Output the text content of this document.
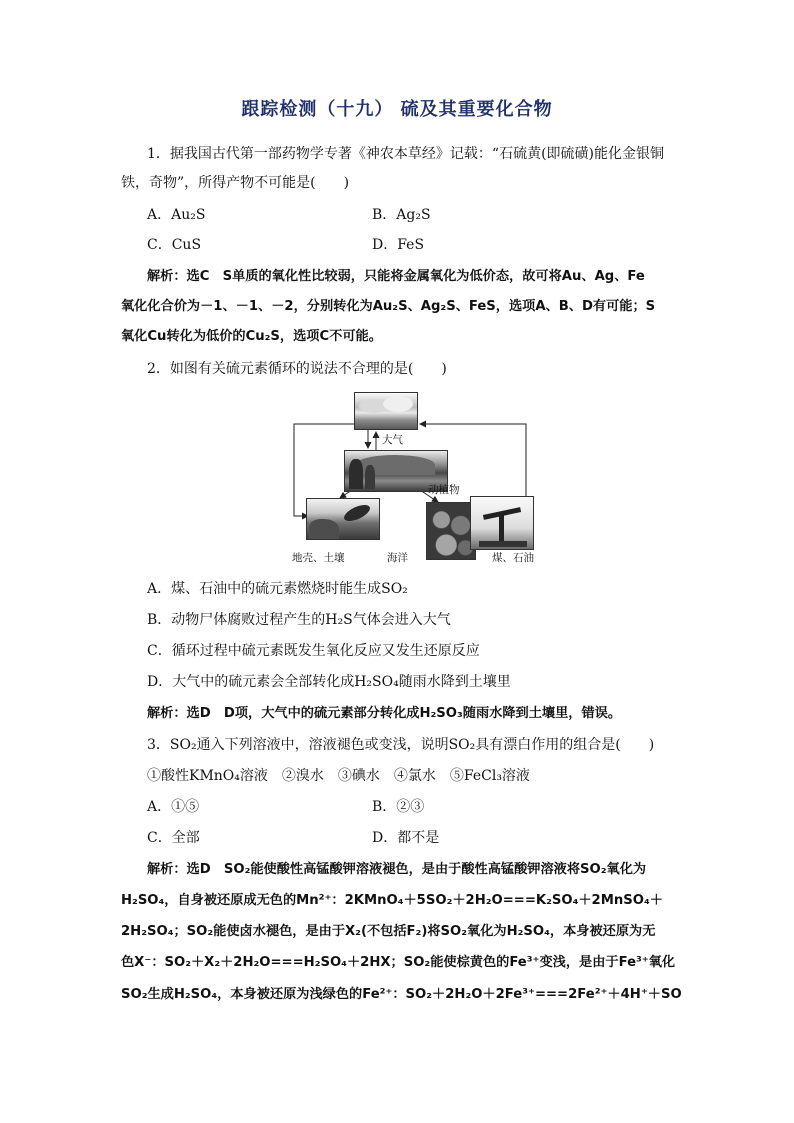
跟踪检测（十九） 硫及其重要化合物
1．据我国古代第一部药物学专著《神农本草经》记载：“石硫黄(即硫磺)能化金银铜
铁，奇物”，所得产物不可能是(　　)
A．Au₂S	B．Ag₂S
C．CuS	D．FeS
解析：选C　S单质的氧化性比较弱，只能将金属氧化为低价态，故可将Au、Ag、Fe
氧化化合价为－1、－1、－2，分别转化为Au₂S、Ag₂S、FeS，选项A、B、D有可能；S
氧化Cu转化为低价的Cu₂S，选项C不可能。
2．如图有关硫元素循环的说法不合理的是(　　)
大气
动植物
地壳、土壤	海洋	煤、石油
A．煤、石油中的硫元素燃烧时能生成SO₂
B．动物尸体腐败过程产生的H₂S气体会进入大气
C．循环过程中硫元素既发生氧化反应又发生还原反应
D．大气中的硫元素会全部转化成H₂SO₄随雨水降到土壤里
解析：选D　D项，大气中的硫元素部分转化成H₂SO₃随雨水降到土壤里，错误。
3．SO₂通入下列溶液中，溶液褪色或变浅，说明SO₂具有漂白作用的组合是(　　)
①酸性KMnO₄溶液　②溴水　③碘水　④氯水　⑤FeCl₃溶液
A．①⑤	B．②③
C．全部	D．都不是
解析：选D　SO₂能使酸性高锰酸钾溶液褪色，是由于酸性高锰酸钾溶液将SO₂氧化为
H₂SO₄，自身被还原成无色的Mn²⁺：2KMnO₄＋5SO₂＋2H₂O===K₂SO₄＋2MnSO₄＋
2H₂SO₄；SO₂能使卤水褪色，是由于X₂(不包括F₂)将SO₂氧化为H₂SO₄，本身被还原为无
色X⁻：SO₂＋X₂＋2H₂O===H₂SO₄＋2HX；SO₂能使棕黄色的Fe³⁺变浅，是由于Fe³⁺氧化
SO₂生成H₂SO₄，本身被还原为浅绿色的Fe²⁺：SO₂＋2H₂O＋2Fe³⁺===2Fe²⁺＋4H⁺＋SO
